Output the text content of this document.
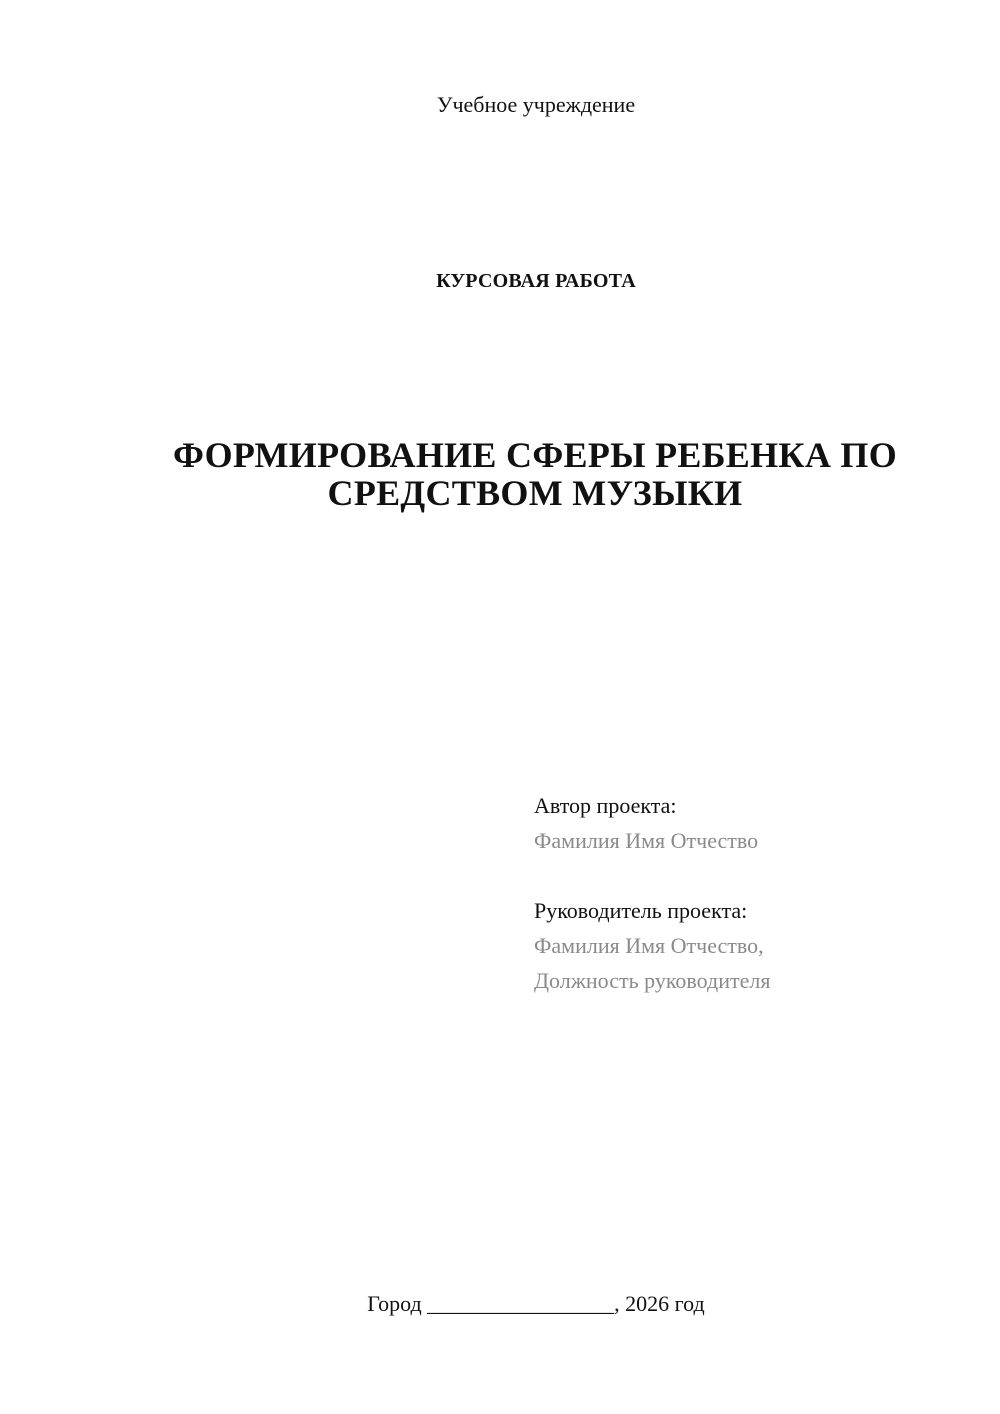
Учебное учреждение
КУРСОВАЯ РАБОТА
ФОРМИРОВАНИЕ СФЕРЫ РЕБЕНКА ПО
СРЕДСТВОМ МУЗЫКИ
Автор проекта:
Фамилия Имя Отчество
Руководитель проекта:
Фамилия Имя Отчество,
Должность руководителя
Город _________________, 2026 год
